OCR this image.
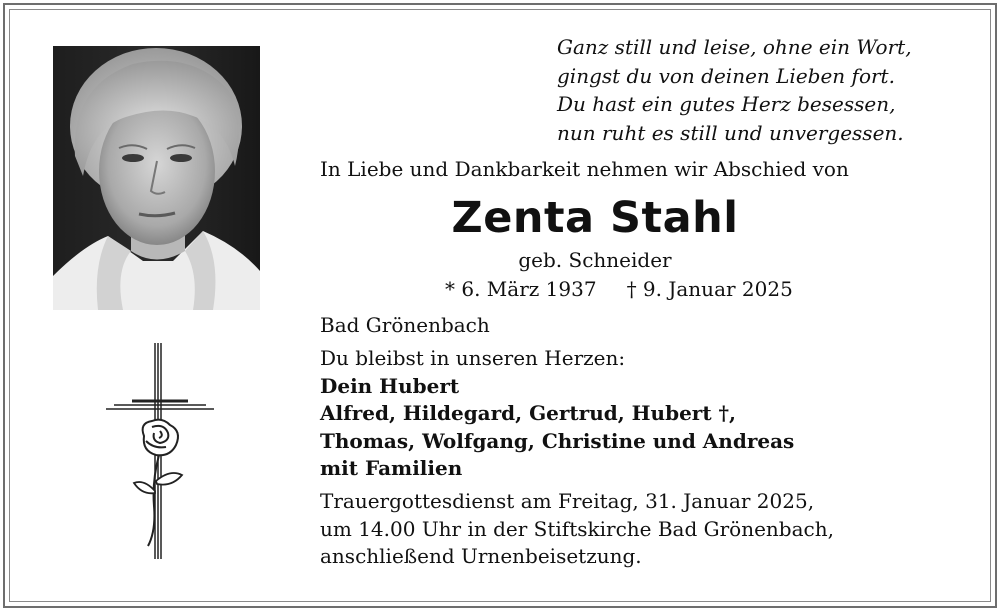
Ganz still und leise, ohne ein Wort,
gingst du von deinen Lieben fort.
Du hast ein gutes Herz besessen,
nun ruht es still und unvergessen.
In Liebe und Dankbarkeit nehmen wir Abschied von
Zenta Stahl
geb. Schneider
* 6. März 1937 † 9. Januar 2025
Bad Grönenbach
Du bleibst in unseren Herzen:
Dein Hubert
Alfred, Hildegard, Gertrud, Hubert †,
Thomas, Wolfgang, Christine und Andreas
mit Familien
Trauergottesdienst am Freitag, 31. Januar 2025,
um 14.00 Uhr in der Stiftskirche Bad Grönenbach,
anschließend Urnenbeisetzung.
